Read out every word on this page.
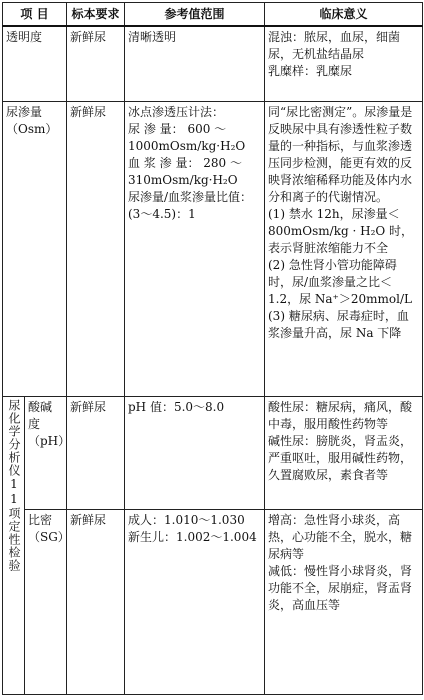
项 目		标本要求	参考值范围	临床意义
透明度		新鲜尿	清晰透明	混浊：脓尿，血尿，细菌尿，无机盐结晶尿
乳糜样：乳糜尿
尿渗量（Osm）		新鲜尿	冰点渗透压计法：
尿 渗 量： 600 ～1000mOsm/kg·H₂O
血 浆 渗 量： 280 ～310mOsm/kg·H₂O
尿渗量/血浆渗量比值：(3～4.5)：1	同“尿比密测定”。尿渗量是反映尿中具有渗透性粒子数量的一种指标，与血浆渗透压同步检测，能更有效的反映肾浓缩稀释功能及体内水分和离子的代谢情况。
(1) 禁水 12h，尿渗量＜800mOsm/kg · H₂O 时，表示肾脏浓缩能力不全
(2) 急性肾小管功能障碍时，尿/血浆渗量之比＜1.2，尿 Na⁺＞20mmol/L
(3) 糖尿病、尿毒症时，血浆渗量升高，尿 Na 下降
尿化学分析仪11项定性检验	酸碱度（pH）	新鲜尿	pH 值：5.0～8.0	酸性尿：糖尿病，痛风，酸中毒，服用酸性药物等
碱性尿：膀胱炎，肾盂炎，严重呕吐，服用碱性药物，久置腐败尿，素食者等
	比密（SG）	新鲜尿	成人：1.010～1.030
新生儿：1.002～1.004	增高：急性肾小球炎，高热，心功能不全，脱水，糖尿病等
减低：慢性肾小球肾炎，肾功能不全，尿崩症，肾盂肾炎，高血压等
